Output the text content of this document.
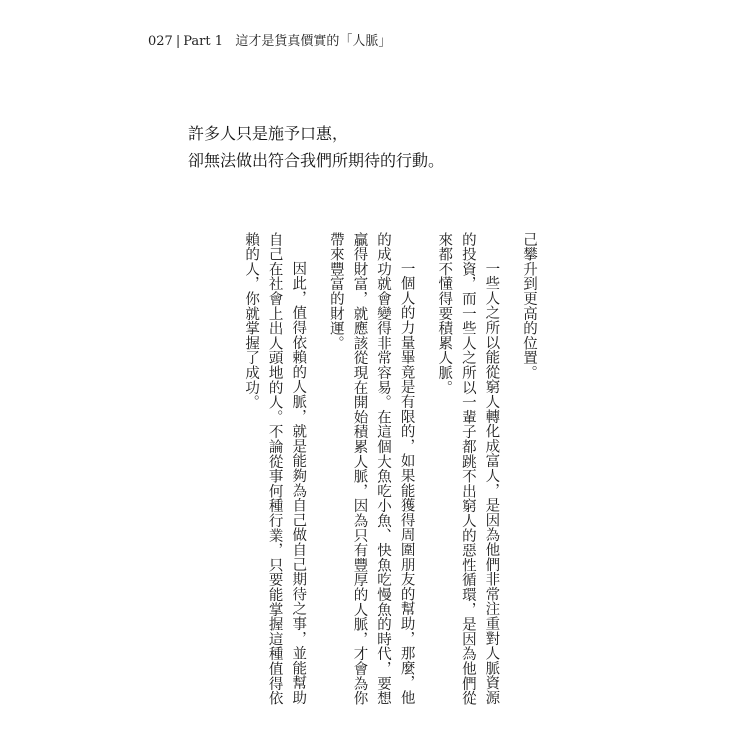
027 | Part 1 這才是貨真價實的「人脈」
許多人只是施予口惠，
卻無法做出符合我們所期待的行動。

己攀升到更高的位置。

一些人之所以能從窮人轉化成富人，是因為他們非常注重對人脈資源的投資，而一些人之所以一輩子都跳不出窮人的惡性循環，是因為他們從來都不懂得要積累人脈。

一個人的力量畢竟是有限的，如果能獲得周圍朋友的幫助，那麼，他的成功就會變得非常容易。在這個大魚吃小魚、快魚吃慢魚的時代，要想贏得財富，就應該從現在開始積累人脈，因為只有豐厚的人脈，才會為你帶來豐富的財運。

因此，值得依賴的人脈，就是能夠為自己做自己期待之事，並能幫助自己在社會上出人頭地的人。不論從事何種行業，只要能掌握這種值得依賴的人，你就掌握了成功。
